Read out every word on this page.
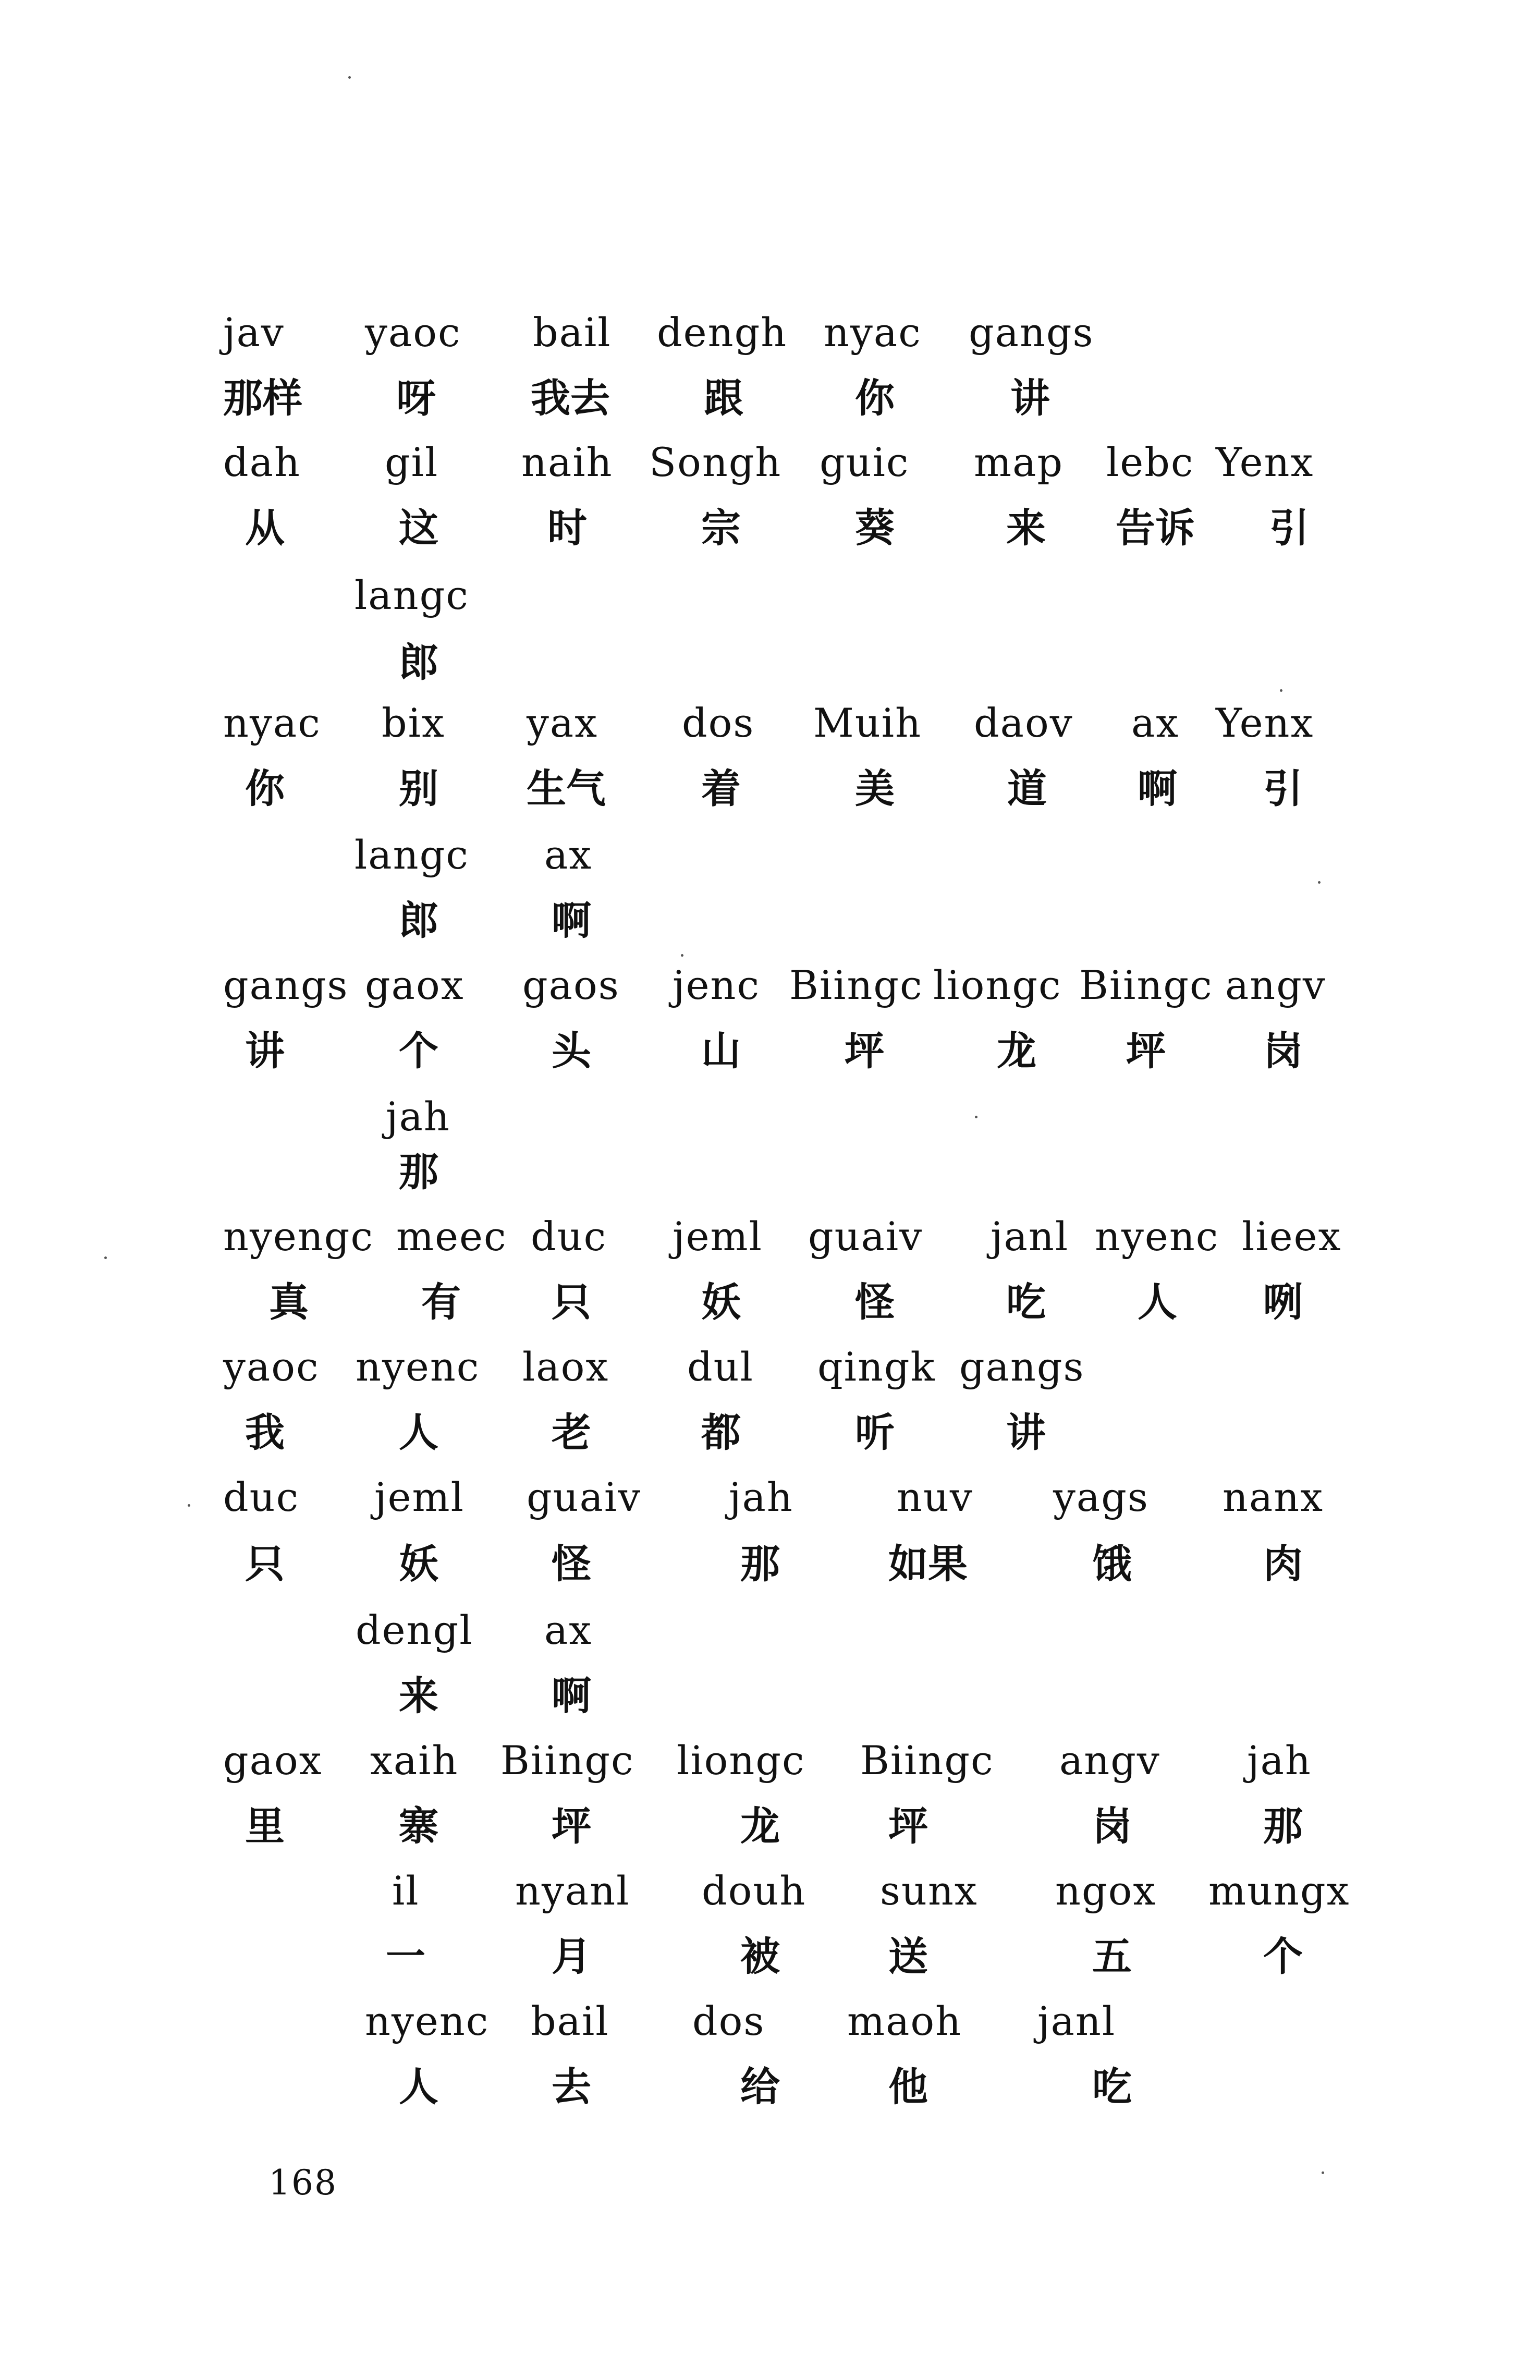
jav yaoc bail dengh nyac gangs
那样 呀 我去 跟	你	讲
dah gil naih Songh guic map lebc Yenx
从	这	时	宗	葵	来 告诉 引
langc
郎
nyac bix yax dos Muih daov ax Yenx
你	别 生气 着	美	道 啊 引
langc ax
郎	啊
gangs gaox gaos jenc Biingc liongc Biingc angv
讲	个	头	山	坪	龙 坪 岗
jah
那
nyengc meec duc jeml guaiv janl nyenc lieex
真	有 只	妖	怪	吃 人 咧
yaoc nyenc laox dul qingk gangs
我	人	老	都	听	讲
duc jeml guaiv jah	nuv yags nanx
只	妖	怪	那	如果	饿	肉
dengl ax
来	啊
gaox xaih Biingc liongc Biingc angv jah
里	寨	坪	龙	坪	岗	那
il nyanl douh sunx ngox mungx
一	月	被	送	五	个
nyenc bail dos maoh janl
人	去	给	他	吃
168
